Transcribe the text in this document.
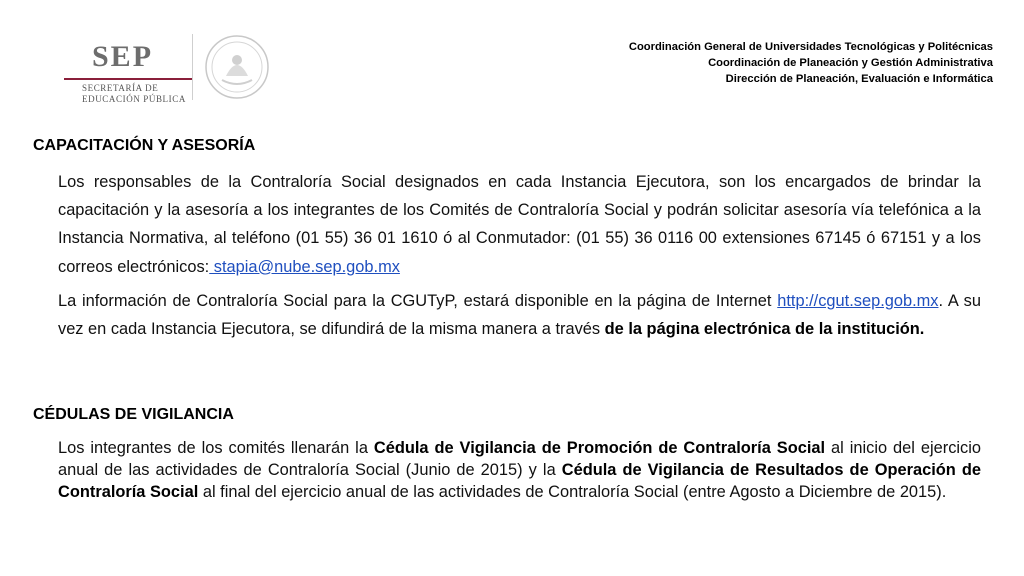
SEP
SECRETARÍA DE
EDUCACIÓN PÚBLICA
Coordinación General de Universidades Tecnológicas y Politécnicas
Coordinación de Planeación y Gestión Administrativa
Dirección de Planeación, Evaluación e Informática
CAPACITACIÓN Y ASESORÍA
Los responsables de la Contraloría Social designados en cada Instancia Ejecutora, son los encargados de brindar la capacitación y la asesoría a los integrantes de los Comités de Contraloría Social y podrán solicitar asesoría vía telefónica a la Instancia Normativa, al teléfono (01 55) 36 01 1610 ó al Conmutador: (01 55) 36 0116 00 extensiones 67145 ó 67151 y a los correos electrónicos: stapia@nube.sep.gob.mx
La información de Contraloría Social para la CGUTyP, estará disponible en la página de Internet http://cgut.sep.gob.mx. A su vez en cada Instancia Ejecutora, se difundirá de la misma manera a través de la página electrónica de la institución.
CÉDULAS DE VIGILANCIA
Los integrantes de los comités llenarán la Cédula de Vigilancia de Promoción de Contraloría Social al inicio del ejercicio anual de las actividades de Contraloría Social (Junio de 2015) y la Cédula de Vigilancia de Resultados de Operación de Contraloría Social al final del ejercicio anual de las actividades de Contraloría Social (entre Agosto a Diciembre de 2015).
